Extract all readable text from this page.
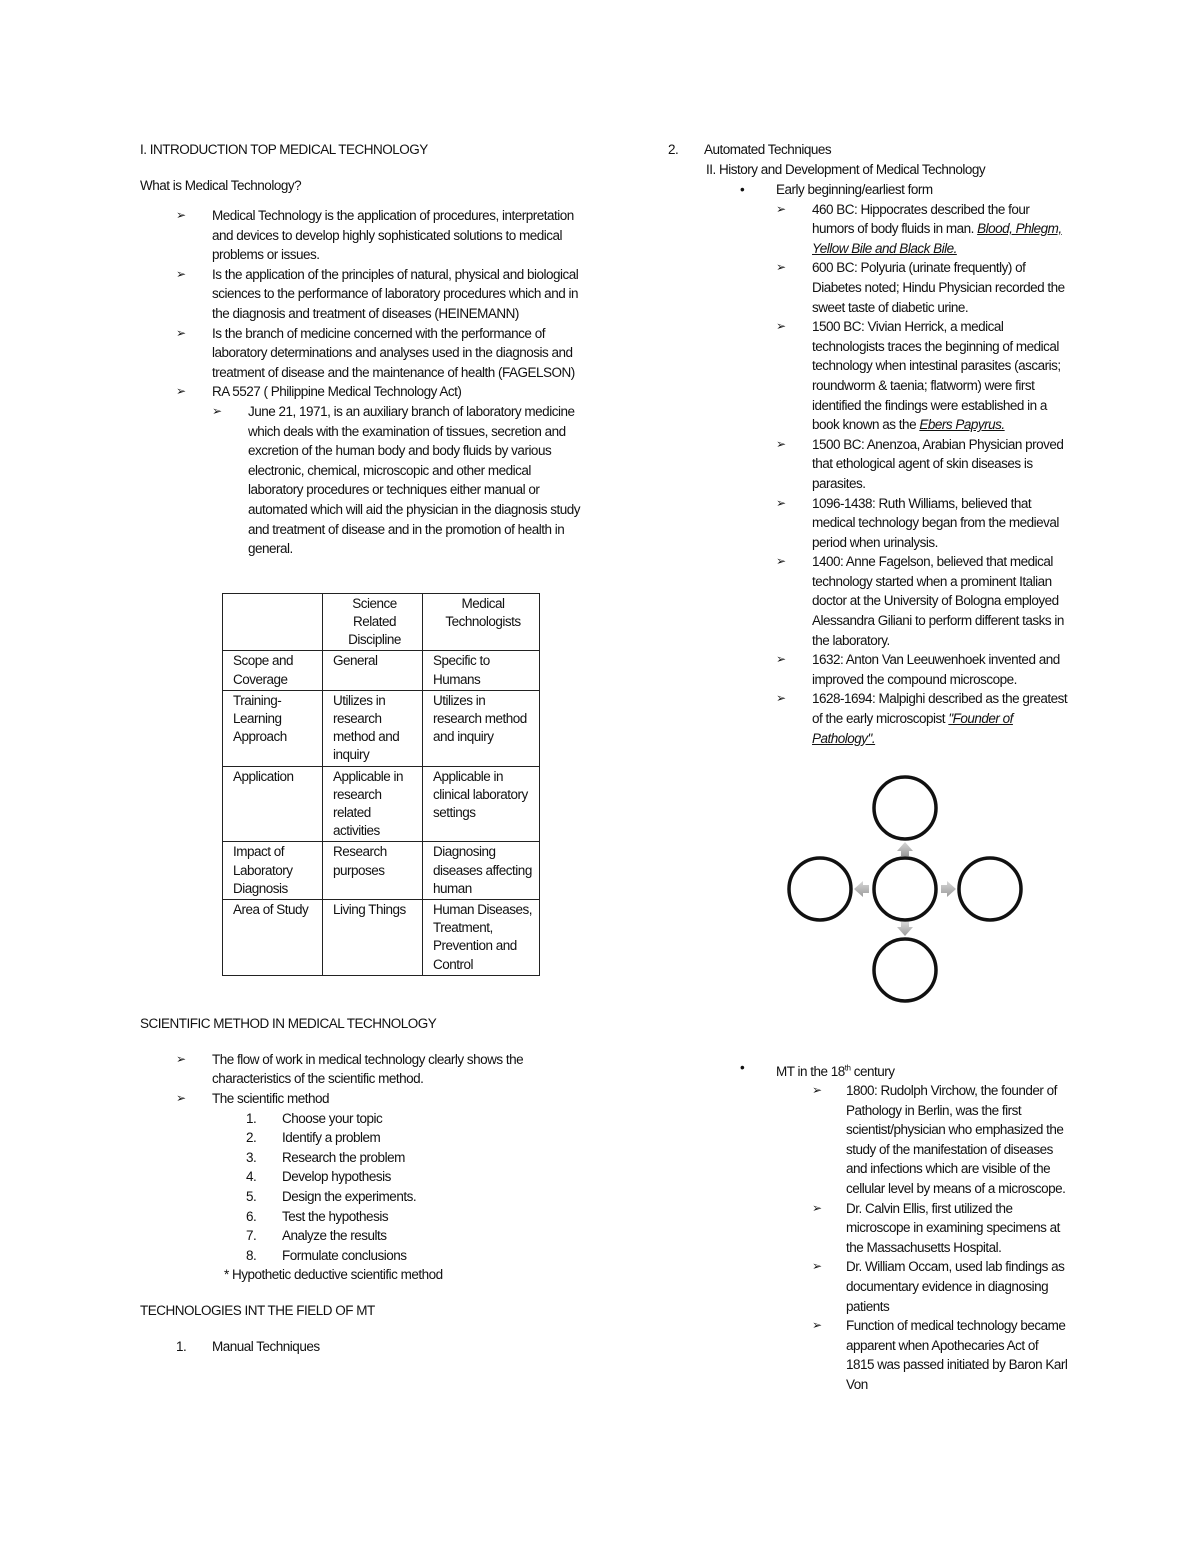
I. INTRODUCTION TOP MEDICAL TECHNOLOGY

What is Medical Technology?

➢ Medical Technology is the application of procedures, interpretation and devices to develop highly sophisticated solutions to medical problems or issues.
➢ Is the application of the principles of natural, physical and biological sciences to the performance of laboratory procedures which and in the diagnosis and treatment of diseases (HEINEMANN)
➢ Is the branch of medicine concerned with the performance of laboratory determinations and analyses used in the diagnosis and treatment of disease and the maintenance of health (FAGELSON)
➢ RA 5527 ( Philippine Medical Technology Act)
➢ June 21, 1971, is an auxiliary branch of laboratory medicine which deals with the examination of tissues, secretion and excretion of the human body and body fluids by various electronic, chemical, microscopic and other medical laboratory procedures or techniques either manual or automated which will aid the physician in the diagnosis study and treatment of disease and in the promotion of health in general.
	Science Related Discipline	Medical Technologists
Scope and Coverage	General	Specific to Humans
Training-Learning Approach	Utilizes in research method and inquiry	Utilizes in research method and inquiry
Application	Applicable in research related activities	Applicable in clinical laboratory settings
Impact of Laboratory Diagnosis	Research purposes	Diagnosing diseases affecting human
Area of Study	Living Things	Human Diseases, Treatment, Prevention and Control

SCIENTIFIC METHOD IN MEDICAL TECHNOLOGY

➢ The flow of work in medical technology clearly shows the characteristics of the scientific method.
➢ The scientific method
1. Choose your topic
2. Identify a problem
3. Research the problem
4. Develop hypothesis
5. Design the experiments.
6. Test the hypothesis
7. Analyze the results
8. Formulate conclusions

* Hypothetic deductive scientific method

TECHNOLOGIES INT THE FIELD OF MT

1. Manual Techniques

2. Automated Techniques

II. History and Development of Medical Technology

• Early beginning/earliest form
➢ 460 BC: Hippocrates described the four humors of body fluids in man. Blood, Phlegm, Yellow Bile and Black Bile.
➢ 600 BC: Polyuria (urinate frequently) of Diabetes noted; Hindu Physician recorded the sweet taste of diabetic urine.
➢ 1500 BC: Vivian Herrick, a medical technologists traces the beginning of medical technology when intestinal parasites (ascaris; roundworm & taenia; flatworm) were first identified the findings were established in a book known as the Ebers Papyrus.
➢ 1500 BC: Anenzoa, Arabian Physician proved that ethological agent of skin diseases is parasites.
➢ 1096-1438: Ruth Williams, believed that medical technology began from the medieval period when urinalysis.
➢ 1400: Anne Fagelson, believed that medical technology started when a prominent Italian doctor at the University of Bologna employed Alessandra Giliani to perform different tasks in the laboratory.
➢ 1632: Anton Van Leeuwenhoek invented and improved the compound microscope.
➢ 1628-1694: Malpighi described as the greatest of the early microscopist "Founder of Pathology".
• MT in the 18th century
➢ 1800: Rudolph Virchow, the founder of Pathology in Berlin, was the first scientist/physician who emphasized the study of the manifestation of diseases and infections which are visible of the cellular level by means of a microscope.
➢ Dr. Calvin Ellis, first utilized the microscope in examining specimens at the Massachusetts Hospital.
➢ Dr. William Occam, used lab findings as documentary evidence in diagnosing patients
➢ Function of medical technology became apparent when Apothecaries Act of 1815 was passed initiated by Baron Karl Von
